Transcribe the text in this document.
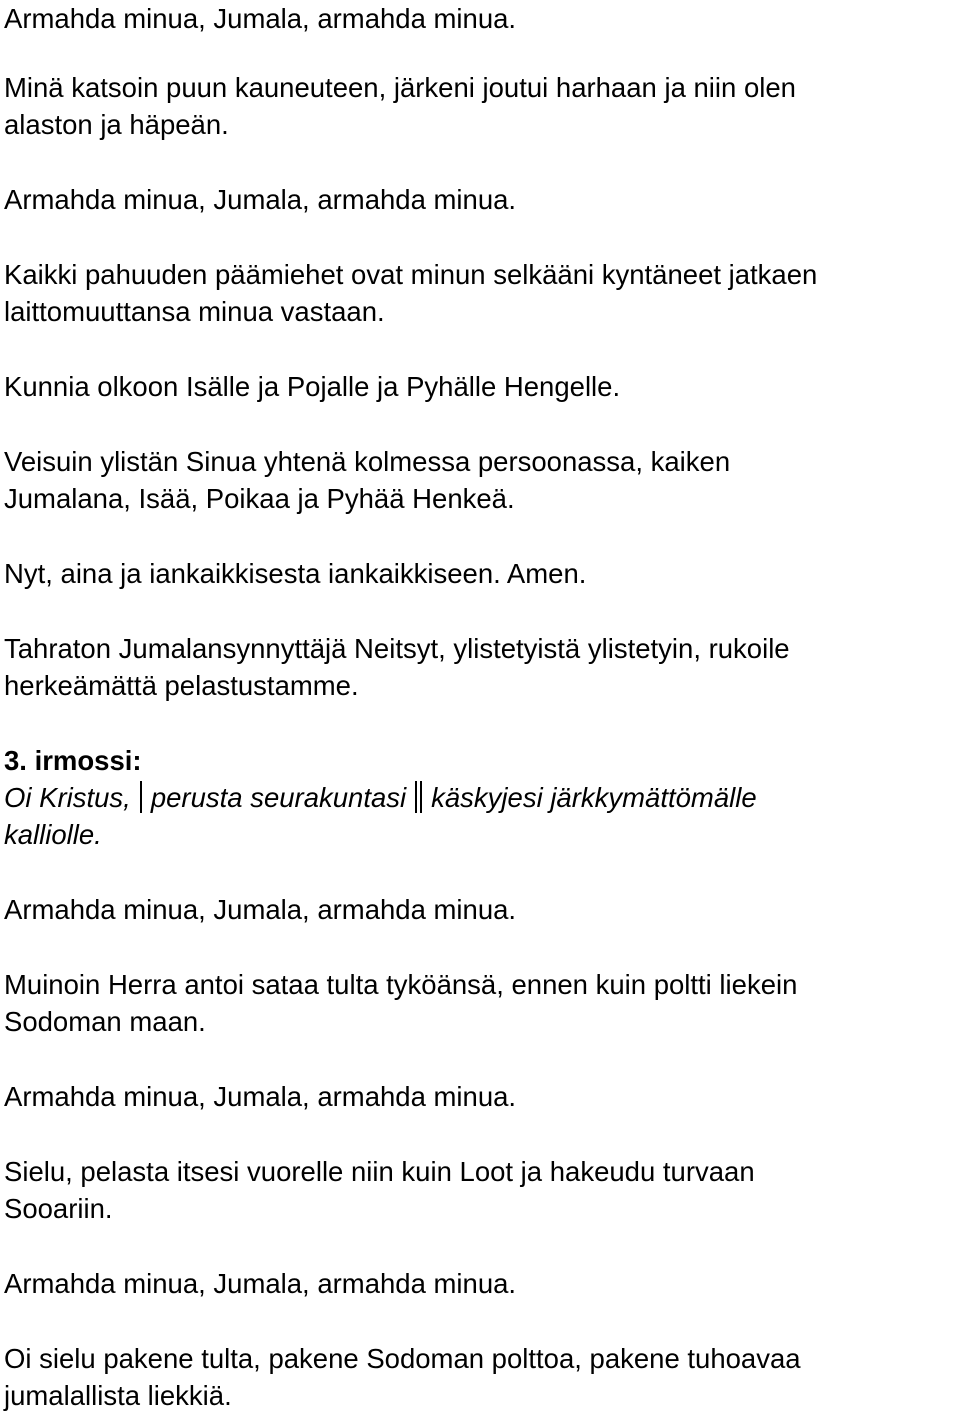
Armahda minua, Jumala, armahda minua.
Minä katsoin puun kauneuteen, järkeni joutui harhaan ja niin olen
alaston ja häpeän.
Armahda minua, Jumala, armahda minua.
Kaikki pahuuden päämiehet ovat minun selkääni kyntäneet jatkaen
laittomuuttansa minua vastaan.
Kunnia olkoon Isälle ja Pojalle ja Pyhälle Hengelle.
Veisuin ylistän Sinua yhtenä kolmessa persoonassa, kaiken
Jumalana, Isää, Poikaa ja Pyhää Henkeä.
Nyt, aina ja iankaikkisesta iankaikkiseen. Amen.
Tahraton Jumalansynnyttäjä Neitsyt, ylistetyistä ylistetyin, rukoile
herkeämättä pelastustamme.
3. irmossi:
Oi Kristus, perusta seurakuntasi käskyjesi järkkymättömälle
kalliolle.
Armahda minua, Jumala, armahda minua.
Muinoin Herra antoi sataa tulta tyköänsä, ennen kuin poltti liekein
Sodoman maan.
Armahda minua, Jumala, armahda minua.
Sielu, pelasta itsesi vuorelle niin kuin Loot ja hakeudu turvaan
Sooariin.
Armahda minua, Jumala, armahda minua.
Oi sielu pakene tulta, pakene Sodoman polttoa, pakene tuhoavaa
jumalallista liekkiä.
